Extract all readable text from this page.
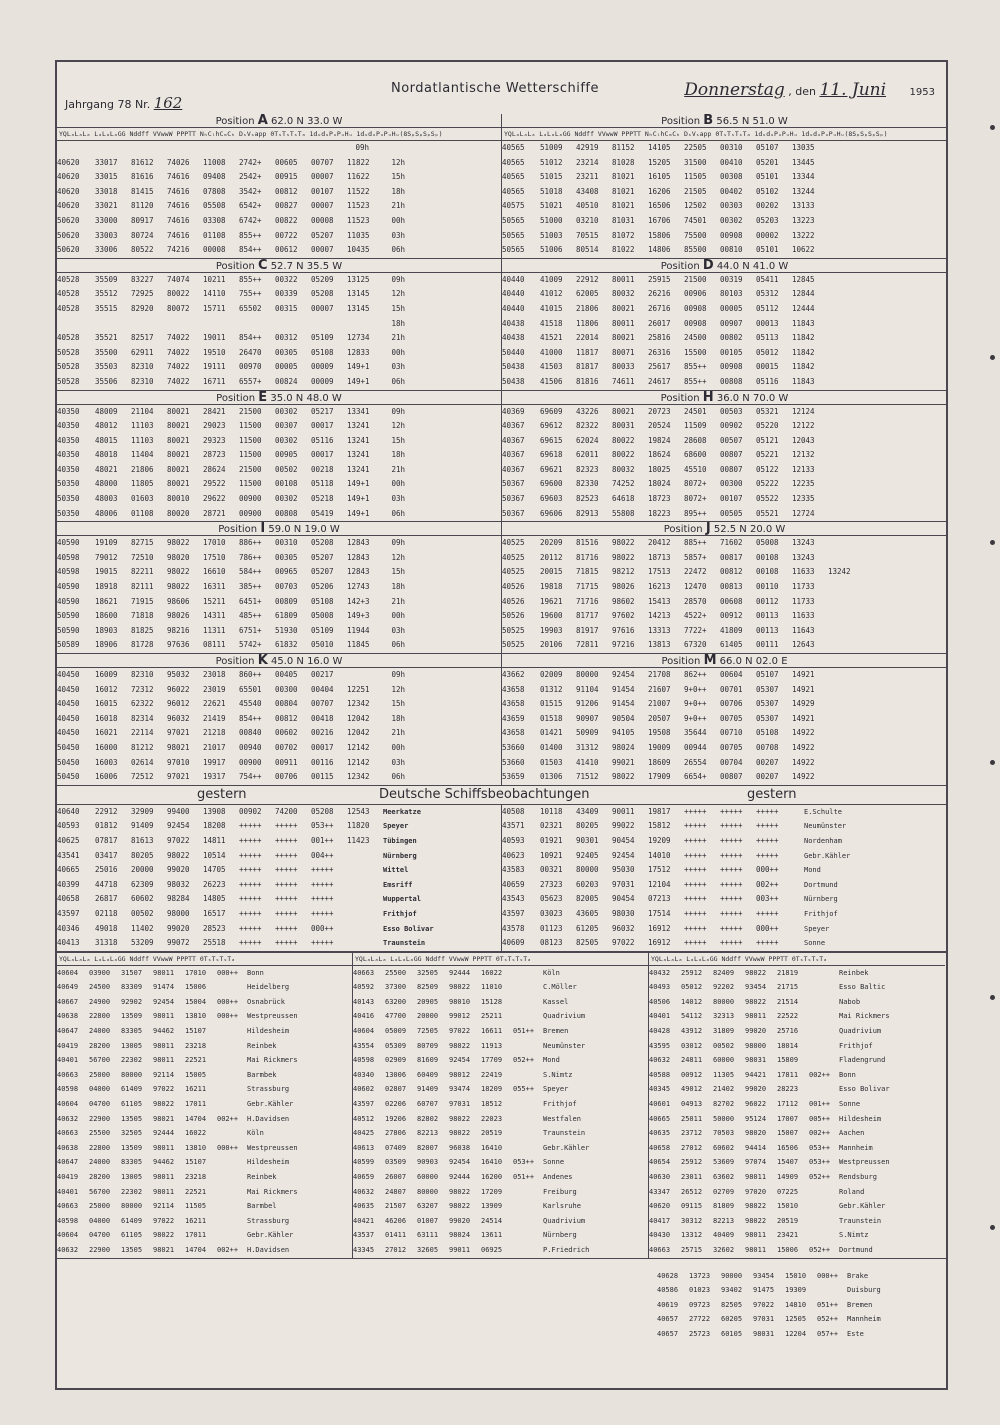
Jahrgang 78 Nr. 162
Nordatlantische Wetterschiffe	Donnerstag , den 11. Juni 1953
Position A 62.0 N 33.0 W
YQLₐLₐLₐ LₐLₐLₐGG Nddff VVwwW PPPTT NₕCₗhCₘCₕ DₛVₛapp 0TₛTₛTₛTₐ 1dᵤdᵤPᵤPᵤHᵤ 1dᵤdᵤPᵤPᵤHᵤ(8SₚSₚSₚSₚ)
09h
40620	33017	81612	74026	11008	2742+	00605	00707	11822	12h
40620	33015	81616	74616	09408	2542+	00915	00007	11622	15h
40620	33018	81415	74616	07808	3542+	00812	00107	11522	18h
40620	33021	81120	74616	05508	6542+	00827	00007	11523	21h
50620	33000	80917	74616	03308	6742+	00822	00008	11523	00h
50620	33003	80724	74616	01108	855++	00722	05207	11035	03h
50620	33006	80522	74216	00008	854++	00612	00007	10435	06h
Position B 56.5 N 51.0 W
YQLₐLₐLₐ LₐLₐLₐGG Nddff VVwwW PPPTT NₕCₗhCₘCₕ DₛVₛapp 0TₛTₛTₛTₐ 1dᵤdᵤPᵤPᵤHᵤ 1dᵤdᵤPᵤPᵤHᵤ(8SₚSₚSₚSₚ)
40565	51009	42919	81152	14105	22505	00310	05107	13035
40565	51012	23214	81028	15205	31500	00410	05201	13445
40565	51015	23211	81021	16105	11505	00308	05101	13344
40565	51018	43408	81021	16206	21505	00402	05102	13244
40575	51021	40510	81021	16506	12502	00303	00202	13133
50565	51000	03210	81031	16706	74501	00302	05203	13223
50565	51003	70515	81072	15806	75500	00908	00002	13222
50565	51006	80514	81022	14806	85500	00810	05101	10622
Position C 52.7 N 35.5 W
40528	35509	83227	74074	10211	855++	00322	05209	13125	09h
40528	35512	72925	80022	14110	755++	00339	05208	13145	12h
40528	35515	82920	80072	15711	65502	00315	00007	13145	15h
18h
40528	35521	82517	74022	19011	854++	00312	05109	12734	21h
50528	35500	62911	74022	19510	26470	00305	05108	12833	00h
50528	35503	82310	74022	19111	00970	00005	00009	149+1	03h
50528	35506	82310	74022	16711	6557+	00824	00009	149+1	06h
Position D 44.0 N 41.0 W
40440	41009	22912	80011	25915	21500	00319	05411	12845
40440	41012	62005	80032	26216	00906	80103	05312	12844
40440	41015	21806	80021	26716	00908	00005	05112	12444
40438	41518	11806	80011	26017	00908	00907	00013	11843
40438	41521	22014	80021	25816	24500	00802	05113	11842
50440	41000	11817	80071	26316	15500	00105	05012	11842
50438	41503	81817	80033	25617	855++	00908	00015	11842
50438	41506	81816	74611	24617	855++	00808	05116	11843
Position E 35.0 N 48.0 W
40350	48009	21104	80021	28421	21500	00302	05217	13341	09h
40350	48012	11103	80021	29023	11500	00307	00017	13241	12h
40350	48015	11103	80021	29323	11500	00302	05116	13241	15h
40350	48018	11404	80021	28723	11500	00905	00017	13241	18h
40350	48021	21806	80021	28624	21500	00502	00218	13241	21h
50350	48000	11805	80021	29522	11500	00108	05118	149+1	00h
50350	48003	01603	80010	29622	00900	00302	05218	149+1	03h
50350	48006	01108	80020	28721	00900	00808	05419	149+1	06h
Position H 36.0 N 70.0 W
40369	69609	43226	80021	20723	24501	00503	05321	12124
40367	69612	82322	80031	20524	11509	00902	05220	12122
40367	69615	62024	80022	19824	28608	00507	05121	12043
40367	69618	62011	80022	18624	68600	00807	05221	12132
40367	69621	82323	80032	18025	45510	00807	05122	12133
50367	69600	82330	74252	18024	8072+	00300	05222	12235
50367	69603	82523	64618	18723	8072+	00107	05522	12335
50367	69606	82913	55808	18223	895++	00505	05521	12724
Position I 59.0 N 19.0 W
40590	19109	82715	98022	17010	886++	00310	05208	12843	09h
40598	79012	72510	98020	17510	786++	00305	05207	12843	12h
40598	19015	82211	98022	16610	584++	00965	05207	12843	15h
40590	18918	82111	98022	16311	385++	00703	05206	12743	18h
40590	18621	71915	98606	15211	6451+	00809	05108	142+3	21h
50590	18600	71818	98026	14311	485++	61809	05008	149+3	00h
50590	18903	81825	98216	11311	6751+	51930	05109	11944	03h
50589	18906	81728	97636	08111	5742+	61832	05010	11845	06h
Position J 52.5 N 20.0 W
40525	20209	81516	98022	20412	885++	71602	05008	13243
40525	20112	81716	98022	18713	5857+	00817	00108	13243
40525	20015	71815	98212	17513	22472	00812	00108	11633	13242
40526	19818	71715	98026	16213	12470	00813	00110	11733
40526	19621	71716	98602	15413	28570	00608	00112	11733
50526	19600	81717	97602	14213	4522+	00912	00113	11633
50525	19903	81917	97616	13313	7722+	41809	00113	11643
50525	20106	72811	97216	13813	67320	61405	00111	12643
Position K 45.0 N 16.0 W
40450	16009	82310	95032	23018	860++	00405	00217	09h
40450	16012	72312	96022	23019	65501	00300	00404	12251	12h
40450	16015	62322	96012	22621	45540	00804	00707	12342	15h
40450	16018	82314	96032	21419	854++	00812	00418	12042	18h
40450	16021	22114	97021	21218	00840	00602	00216	12042	21h
50450	16000	81212	98021	21017	00940	00702	00017	12142	00h
50450	16003	02614	97010	19917	00900	00911	00116	12142	03h
50450	16006	72512	97021	19317	754++	00706	00115	12342	06h
Position M 66.0 N 02.0 E
43662	02009	80000	92454	21708	862++	00604	05107	14921
43658	01312	91104	91454	21607	9+0++	00701	05307	14921
43658	01515	91206	91454	21007	9+0++	00706	05307	14929
43659	01518	90907	90504	20507	9+0++	00705	05307	14921
43658	01421	50909	94105	19508	35644	00710	05108	14922
53660	01400	31312	98024	19009	00944	00705	00708	14922
53660	01503	41410	99021	18609	26554	00704	00207	14922
53659	01306	71512	98022	17909	6654+	00807	00207	14922
gestern	Deutsche Schiffsbeobachtungen	gestern
40640	22912	32909	99400	13908	00902	74200	05208	12543	Meerkatze
40593	01812	91409	92454	18208	+++++	+++++	053++	11820	Speyer
40625	07817	81613	97022	14811	+++++	+++++	001++	11423	Tübingen
43541	03417	80205	98022	10514	+++++	+++++	004++	Nürnberg
40665	25016	20000	99020	14705	+++++	+++++	+++++	Wittel
40399	44718	62309	98032	26223	+++++	+++++	+++++	Emsriff
40658	26817	60602	98284	14805	+++++	+++++	+++++	Wuppertal
43597	02118	00502	98000	16517	+++++	+++++	+++++	Frithjof
40346	49018	11402	99020	28523	+++++	+++++	000++	Esso Bolivar
40413	31318	53209	99072	25518	+++++	+++++	+++++	Traunstein
40508	10118	43409	90011	19817	+++++	+++++	+++++	E.Schulte
43571	02321	80205	99022	15812	+++++	+++++	+++++	Neumünster
40593	01921	90301	90454	19209	+++++	+++++	+++++	Nordenham
40623	10921	92405	92454	14010	+++++	+++++	+++++	Gebr.Kähler
43583	00321	80000	95030	17512	+++++	+++++	000++	Mond
40659	27323	60203	97031	12104	+++++	+++++	002++	Dortmund
43543	05623	82005	90454	07213	+++++	+++++	003++	Nürnberg
43597	03023	43605	98030	17514	+++++	+++++	+++++	Frithjof
43578	01123	61205	96032	16912	+++++	+++++	000++	Speyer
40609	08123	82505	97022	16912	+++++	+++++	+++++	Sonne
YQLₐLₐLₐ LₐLₐLₐGG Nddff VVwwW PPPTT 0TₛTₛTₛTₐ
40604	03900	31507	98011	17010	000++	Bonn
40649	24500	83309	91474	15006	Heidelberg
40667	24900	92902	92454	15004	000++	Osnabrück
40638	22800	13509	98011	13810	000++	Westpreussen
40647	24000	83305	94462	15107	Hildesheim
40419	28200	13005	98011	23218	Reinbek
40401	56700	22302	98011	22521	Mai Rickmers
40663	25000	80000	92114	15005	Barmbek
40598	04000	61409	97022	16211	Strassburg
40604	04700	61105	98022	17011	Gebr.Kähler
40632	22900	13505	98021	14704	002++	H.Davidsen
40663	25500	32505	92444	16022	Köln
40638	22800	13509	98011	13810	000++	Westpreussen
40647	24000	83305	94462	15107	Hildesheim
40419	28200	13005	98011	23218	Reinbek
40401	56700	22302	98011	22521	Mai Rickmers
40663	25000	80000	92114	11505	Barmbel
40598	04000	61409	97022	16211	Strassburg
40604	04700	61105	98022	17011	Gebr.Kähler
40632	22900	13505	98021	14704	002++	H.Davidsen
YQLₐLₐLₐ LₐLₐLₐGG Nddff VVwwW PPPTT 0TₛTₛTₛTₐ
40663	25500	32505	92444	16022	Köln
40592	37300	82509	98022	11010	C.Möller
40143	63200	20905	98010	15128	Kassel
40416	47700	20000	99012	25211	Quadrivium
40604	05009	72505	97022	16611	051++	Bremen
43554	05309	80709	98022	11913	Neumünster
40598	02909	81609	92454	17709	052++	Mond
40340	13006	60409	98012	22419	S.Nimtz
40602	02807	91409	93474	18209	055++	Speyer
43597	02206	60707	97031	18512	Frithjof
40512	19206	82802	98022	22023	Westfalen
40425	27806	82213	98022	20519	Traunstein
40613	07409	82007	96038	16410	Gebr.Kähler
40599	03509	90903	92454	16410	053++	Sonne
40659	26007	60000	92444	16200	051++	Andenes
40632	24807	80000	98022	17209	Freiburg
40635	21507	63207	98022	13909	Karlsruhe
40421	46206	01007	99020	24514	Quadrivium
43537	01411	63111	98024	13611	Nürnberg
43345	27012	32605	99011	06925	P.Friedrich
YQLₐLₐLₐ LₐLₐLₐGG Nddff VVwwW PPPTT 0TₛTₛTₛTₐ
40432	25912	82409	98022	21819	Reinbek
40493	05012	92202	93454	21715	Esso Baltic
40506	14012	80000	98022	21514	Nabob
40401	54112	32313	98011	22522	Mai Rickmers
40428	43912	31809	99020	25716	Quadrivium
43595	03012	00502	98000	18014	Frithjof
40632	24811	60000	98031	15809	Fladengrund
40588	00912	11305	94421	17811	002++	Bonn
40345	49012	21402	99020	28223	Esso Bolivar
40601	04913	82702	96022	17112	001++	Sonne
40665	25011	50000	95124	17007	005++	Hildesheim
40635	23712	70503	98020	15007	002++	Aachen
40658	27012	60602	94414	16506	053++	Mannheim
40654	25912	53609	97074	15407	053++	Westpreussen
40630	23011	63602	98011	14909	052++	Rendsburg
43347	26512	02709	97020	07225	Roland
40620	09115	81809	98022	15010	Gebr.Kähler
40417	30312	82213	98022	20519	Traunstein
40430	13312	40409	98011	23421	S.Nimtz
40663	25715	32602	98011	15006	052++	Dortmund
40628	13723	90000	93454	15010	000++	Brake
40586	01023	93402	91475	19309	Duisburg
40619	09723	82505	97022	14810	051++	Bremen
40657	27722	60205	97031	12505	052++	Mannheim
40657	25723	60105	98031	12204	057++	Este
